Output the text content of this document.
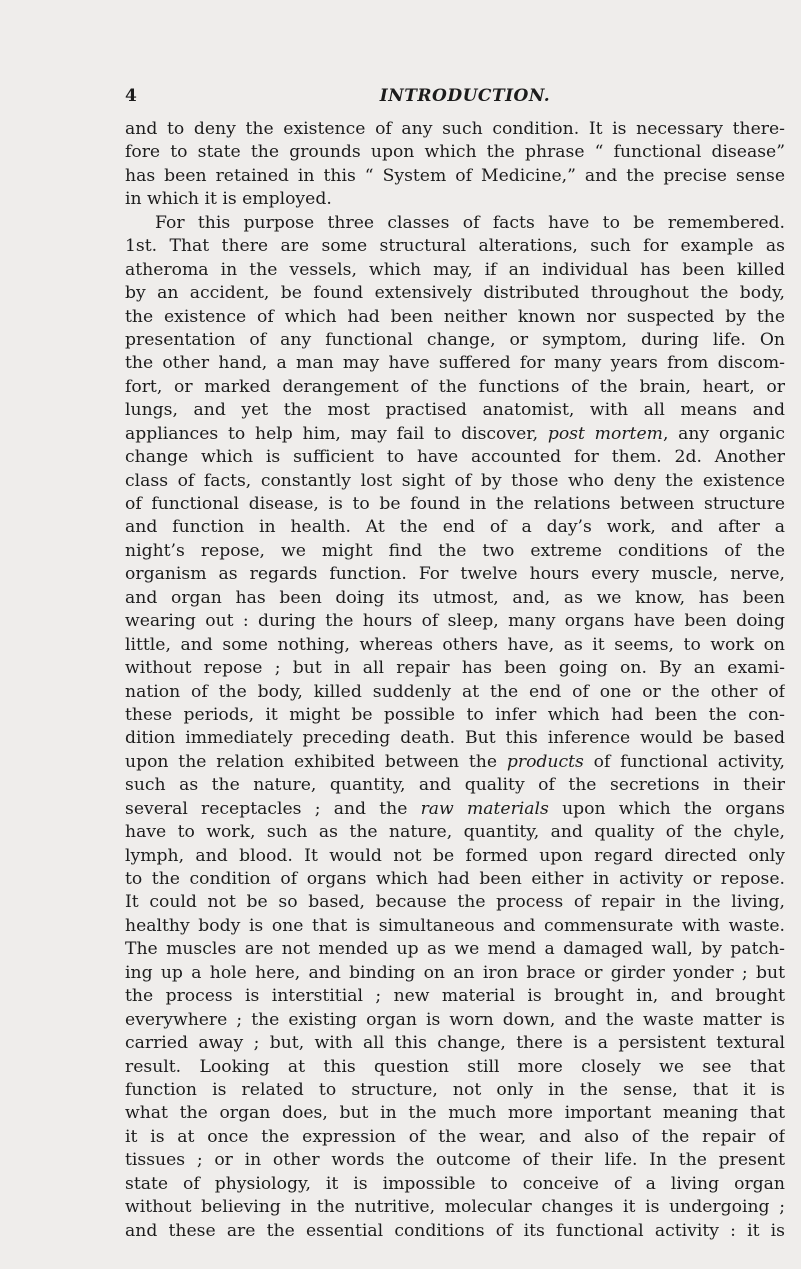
4	INTRODUCTION.
and to deny the existence of any such condition. It is necessary there-
fore to state the grounds upon which the phrase “ functional disease”
has been retained in this “ System of Medicine,” and the precise sense
in which it is employed.
For this purpose three classes of facts have to be remembered.
1st. That there are some structural alterations, such for example as
atheroma in the vessels, which may, if an individual has been killed
by an accident, be found extensively distributed throughout the body,
the existence of which had been neither known nor suspected by the
presentation of any functional change, or symptom, during life. On
the other hand, a man may have suffered for many years from discom-
fort, or marked derangement of the functions of the brain, heart, or
lungs, and yet the most practised anatomist, with all means and
appliances to help him, may fail to discover, post mortem, any organic
change which is sufficient to have accounted for them. 2d. Another
class of facts, constantly lost sight of by those who deny the existence
of functional disease, is to be found in the relations between structure
and function in health. At the end of a day’s work, and after a
night’s repose, we might find the two extreme conditions of the
organism as regards function. For twelve hours every muscle, nerve,
and organ has been doing its utmost, and, as we know, has been
wearing out : during the hours of sleep, many organs have been doing
little, and some nothing, whereas others have, as it seems, to work on
without repose ; but in all repair has been going on. By an exami-
nation of the body, killed suddenly at the end of one or the other of
these periods, it might be possible to infer which had been the con-
dition immediately preceding death. But this inference would be based
upon the relation exhibited between the products of functional activity,
such as the nature, quantity, and quality of the secretions in their
several receptacles ; and the raw materials upon which the organs
have to work, such as the nature, quantity, and quality of the chyle,
lymph, and blood. It would not be formed upon regard directed only
to the condition of organs which had been either in activity or repose.
It could not be so based, because the process of repair in the living,
healthy body is one that is simultaneous and commensurate with waste.
The muscles are not mended up as we mend a damaged wall, by patch-
ing up a hole here, and binding on an iron brace or girder yonder ; but
the process is interstitial ; new material is brought in, and brought
everywhere ; the existing organ is worn down, and the waste matter is
carried away ; but, with all this change, there is a persistent textural
result. Looking at this question still more closely we see that
function is related to structure, not only in the sense, that it is
what the organ does, but in the much more important meaning that
it is at once the expression of the wear, and also of the repair of
tissues ; or in other words the outcome of their life. In the present
state of physiology, it is impossible to conceive of a living organ
without believing in the nutritive, molecular changes it is undergoing ;
and these are the essential conditions of its functional activity : it is
